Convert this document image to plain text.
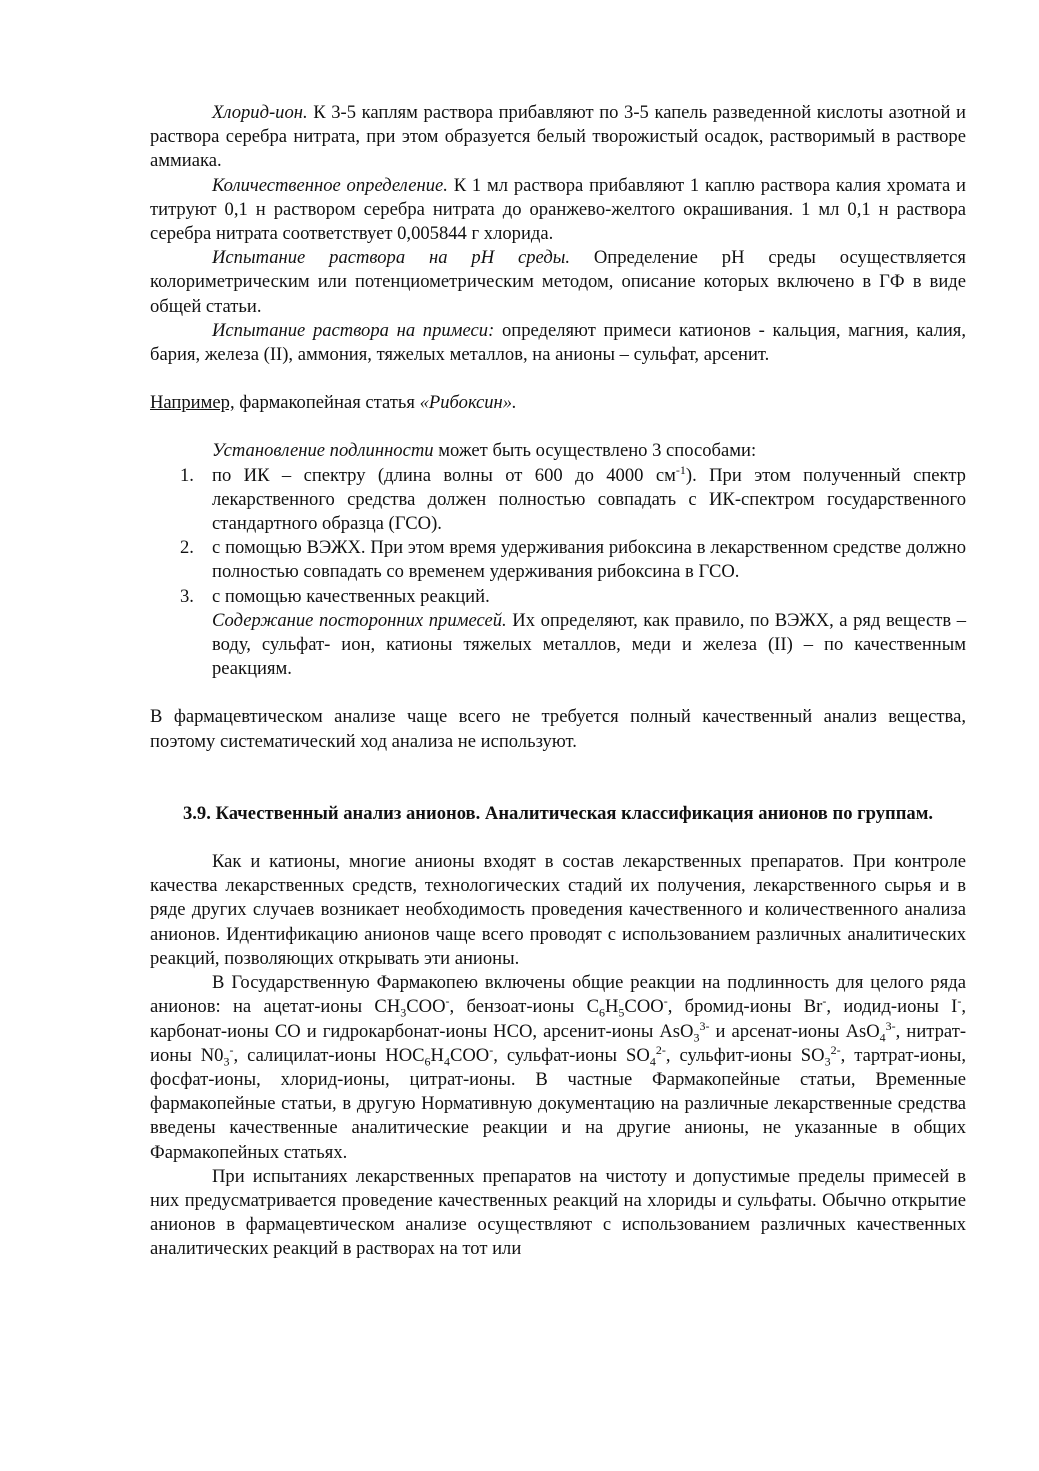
Хлорид-ион. К 3-5 каплям раствора прибавляют по 3-5 капель разведенной кислоты азотной и раствора серебра нитрата, при этом образуется белый творожистый осадок, растворимый в растворе аммиака.

Количественное определение. К 1 мл раствора прибавляют 1 каплю раствора калия хромата и титруют 0,1 н раствором серебра нитрата до оранжево-желтого окрашивания. 1 мл 0,1 н раствора серебра нитрата соответствует 0,005844 г хлорида.

Испытание раствора на рН среды. Определение рН среды осуществляется колориметрическим или потенциометрическим методом, описание которых включено в ГФ в виде общей статьи.

Испытание раствора на примеси: определяют примеси катионов - кальция, магния, калия, бария, железа (II), аммония, тяжелых металлов, на анионы – сульфат, арсенит.

Например, фармакопейная статья «Рибоксин».

Установление подлинности может быть осуществлено 3 способами:

1. по ИК – спектру (длина волны от 600 до 4000 $см^{-1}$). При этом полученный спектр лекарственного средства должен полностью совпадать с ИК-спектром государственного стандартного образца (ГСО).
2. с помощью ВЭЖХ. При этом время удерживания рибоксина в лекарственном средстве должно полностью совпадать со временем удерживания рибоксина в ГСО.
3. с помощью качественных реакций.

Содержание посторонних примесей. Их определяют, как правило, по ВЭЖХ, а ряд веществ – воду, сульфат- ион, катионы тяжелых металлов, меди и железа (II) – по качественным реакциям.

В фармацевтическом анализе чаще всего не требуется полный качественный анализ вещества, поэтому систематический ход анализа не используют.

3.9. Качественный анализ анионов. Аналитическая классификация анионов по группам.

Как и катионы, многие анионы входят в состав лекарственных препаратов. При контроле качества лекарственных средств, технологических стадий их получения, лекарственного сырья и в ряде других случаев возникает необходимость проведения качественного и количественного анализа анионов. Идентификацию анионов чаще всего проводят с использованием различных аналитических реакций, позволяющих открывать эти анионы.

В Государственную Фармакопею включены общие реакции на подлинность для целого ряда анионов: на ацетат-ионы $CH_3COO^-$, бензоат-ионы $C_6H_5COO^-$, бромид-ионы Br-, иодид-ионы I-, карбонат-ионы СО и гидрокарбонат-ионы НСО, арсенит-ионы AsO$_3^{3-}$ и арсенат-ионы AsO$_4^{3-}$, нитрат-ионы $N0_3^-$, салицилат-ионы $HOC_6H_4COO^-$, сульфат-ионы $SO_4^{2-}$, сульфит-ионы $SO_3^{2-}$, тартрат-ионы, фосфат-ионы, хлорид-ионы, цитрат-ионы. В частные Фармакопейные статьи, Временные фармакопейные статьи, в другую Нормативную документацию на различные лекарственные средства введены качественные аналитические реакции и на другие анионы, не указанные в общих Фармакопейных статьях.

При испытаниях лекарственных препаратов на чистоту и допустимые пределы примесей в них предусматривается проведение качественных реакций на хлориды и сульфаты. Обычно открытие анионов в фармацевтическом анализе осуществляют с использованием различных качественных аналитических реакций в растворах на тот или
